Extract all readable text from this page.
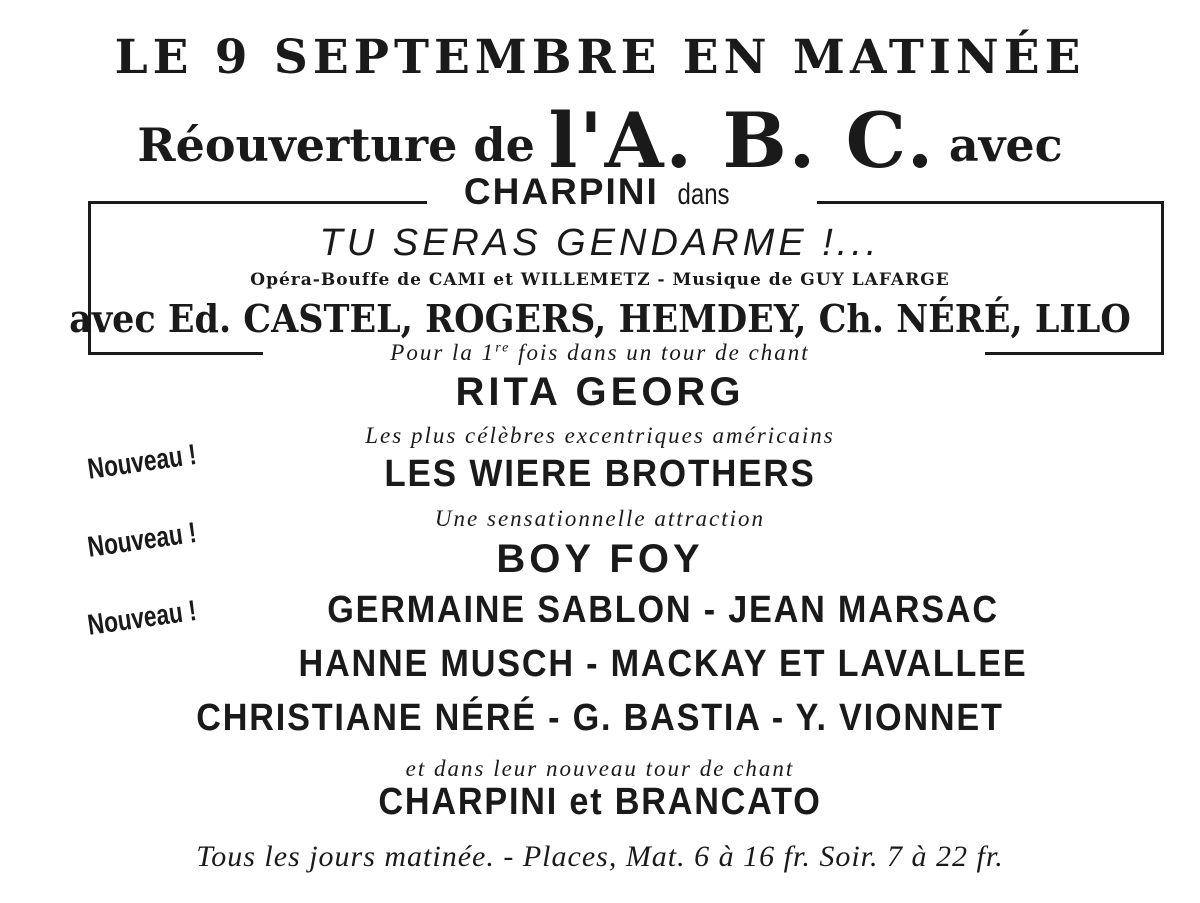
LE 9 SEPTEMBRE EN MATINÉE
Réouverture de l'A. B. C. avec
CHARPINI dans
TU SERAS GENDARME !...
Opéra-Bouffe de CAMI et WILLEMETZ - Musique de GUY LAFARGE
avec Ed. CASTEL, ROGERS, HEMDEY, Ch. NÉRÉ, LILO
Pour la 1re fois dans un tour de chant
RITA GEORG
Les plus célèbres excentriques américains
LES WIERE BROTHERS
Une sensationnelle attraction
BOY FOY
GERMAINE SABLON - JEAN MARSAC
HANNE MUSCH - MACKAY ET LAVALLEE
CHRISTIANE NÉRÉ - G. BASTIA - Y. VIONNET
et dans leur nouveau tour de chant
CHARPINI et BRANCATO
Tous les jours matinée. - Places, Mat. 6 à 16 fr. Soir. 7 à 22 fr.
Nouveau !
Nouveau !
Nouveau !
